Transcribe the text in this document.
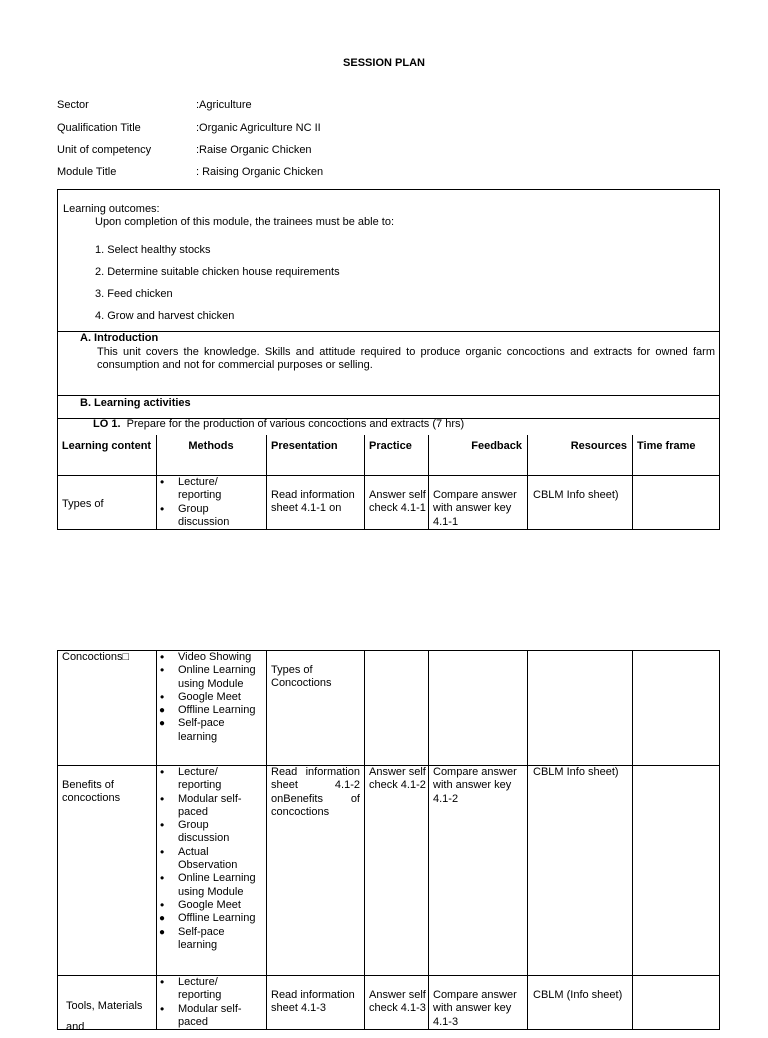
SESSION PLAN
Sector	:Agriculture
Qualification Title	:Organic Agriculture NC II
Unit of competency	:Raise Organic Chicken
Module Title	: Raising Organic Chicken
Learning outcomes:
Upon completion of this module, the trainees must be able to:
1. Select healthy stocks
2. Determine suitable chicken house requirements
3. Feed chicken
4. Grow and harvest chicken
A. Introduction
This unit covers the knowledge. Skills and attitude required to produce organic concoctions and extracts for owned farm consumption and not for commercial purposes or selling.
B. Learning activities
LO 1. Prepare for the production of various concoctions and extracts (7 hrs)
Learning content	Methods	Presentation	Practice	Feedback	Resources Time frame
Types of
• Lecture/ reporting
• Group discussion
Read information sheet 4.1-1 on
Answer self check 4.1-1
Compare answer with answer key 4.1-1
CBLM Info sheet)
Concoctions□
•	Video Showing
• Online Learning using Module
• Google Meet
● Offline Learning
● Self-pace learning
Types of Concoctions
Benefits of concoctions
• Lecture/ reporting
• Modular self-paced
• Group discussion
• Actual Observation
• Online Learning using Module
• Google Meet
● Offline Learning
● Self-pace learning
Read information sheet 4.1-2 onBenefits of concoctions
Answer self check 4.1-2
Compare answer with answer key 4.1-2
CBLM Info sheet)
Tools, Materials and
• Lecture/ reporting
• Modular self-paced
Read information sheet 4.1-3
Answer self check 4.1-3
Compare answer with answer key 4.1-3
CBLM (Info sheet)
